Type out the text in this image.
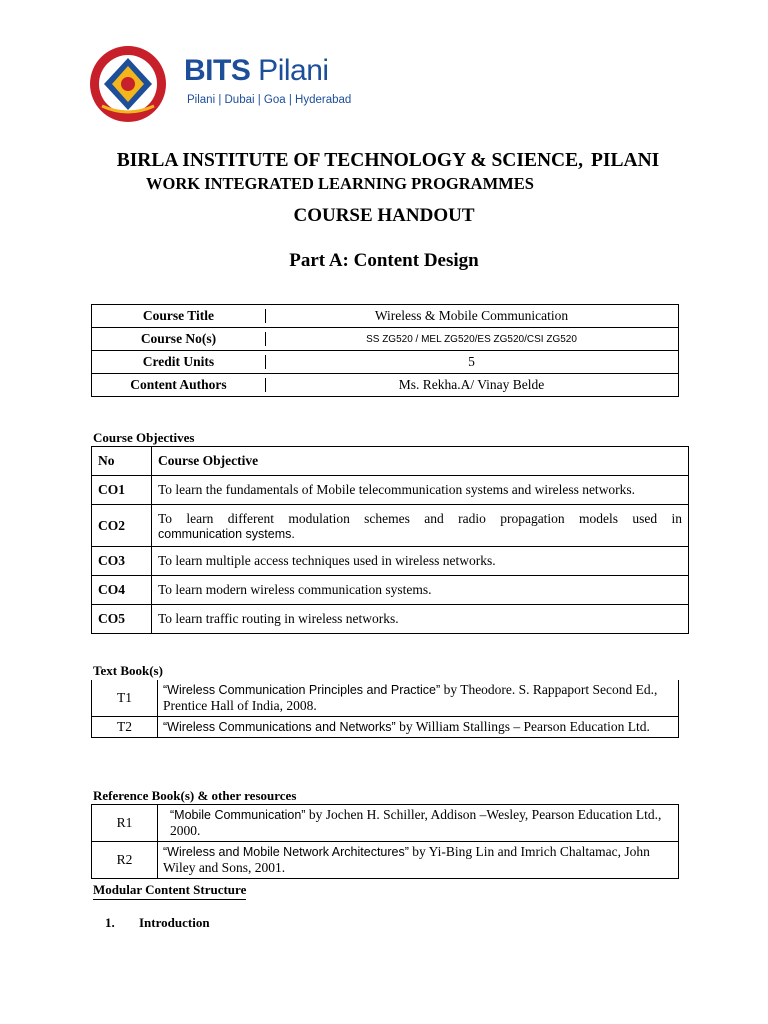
BITS Pilani
Pilani | Dubai | Goa | Hyderabad
BIRLA INSTITUTE OF TECHNOLOGY & SCIENCE, PILANI
WORK INTEGRATED LEARNING PROGRAMMES
COURSE HANDOUT
Part A: Content Design
Course Title	Wireless & Mobile Communication
Course No(s)	SS ZG520 / MEL ZG520/ES ZG520/CSI ZG520
Credit Units	5
Content Authors	Ms. Rekha.A/ Vinay Belde
Course Objectives
No	Course Objective
CO1	To learn the fundamentals of Mobile telecommunication systems and wireless networks.
CO2	To learn different modulation schemes and radio propagation models used in
communication systems.

CO3	To learn multiple access techniques used in wireless networks.
CO4	To learn modern wireless communication systems.
CO5	To learn traffic routing in wireless networks.
Text Book(s)
T1	“Wireless Communication Principles and Practice” by Theodore. S. Rappaport Second Ed., Prentice Hall of India, 2008.
T2	“Wireless Communications and Networks” by William Stallings – Pearson Education Ltd.
Reference Book(s) & other resources
R1	“Mobile Communication” by Jochen H. Schiller, Addison –Wesley, Pearson Education Ltd., 2000.
R2	“Wireless and Mobile Network Architectures” by Yi-Bing Lin and Imrich Chaltamac, John Wiley and Sons, 2001.
Modular Content Structure
1. Introduction
